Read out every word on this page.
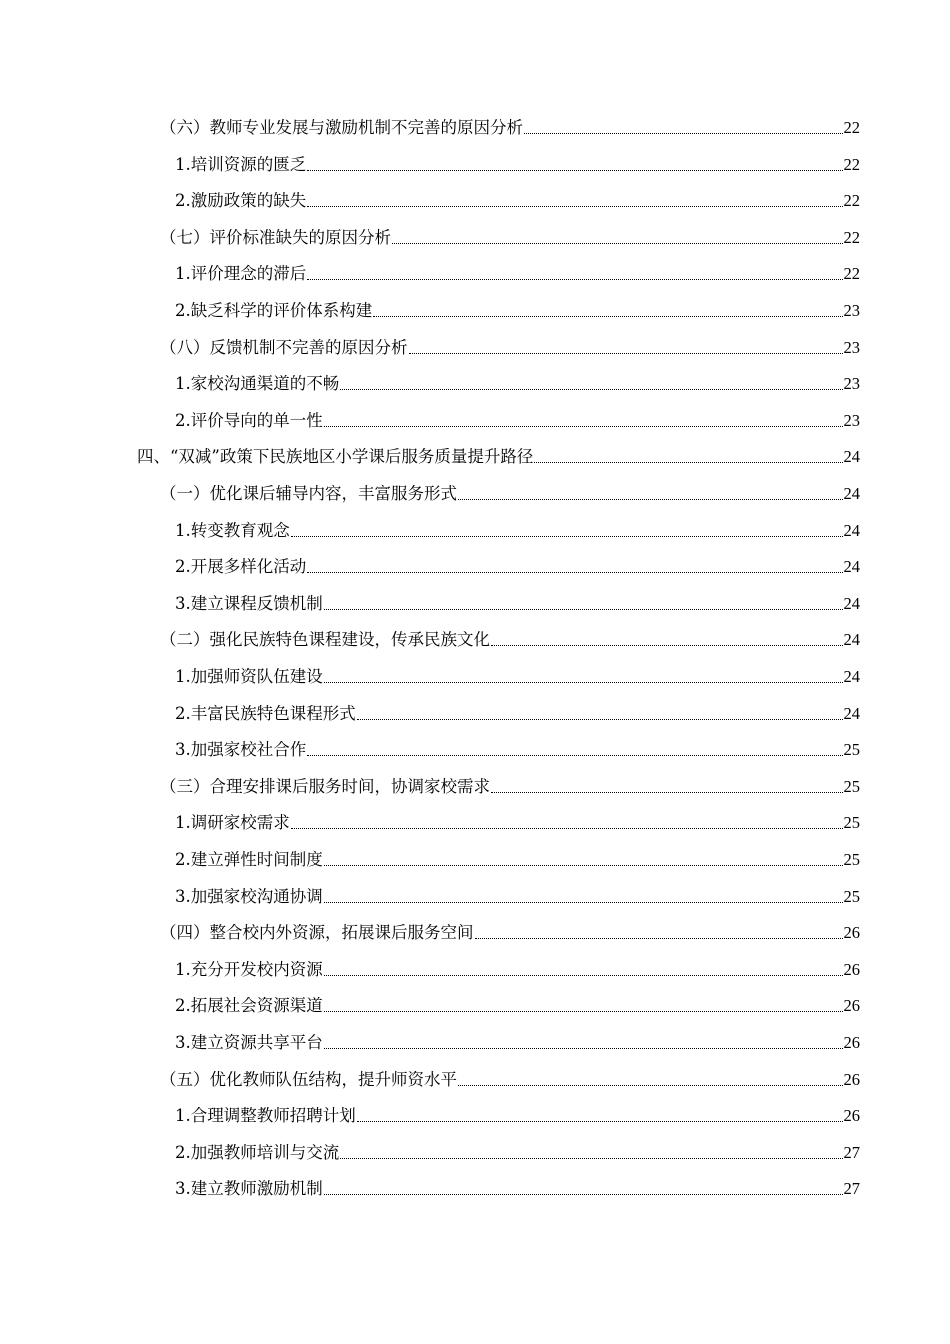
（六）教师专业发展与激励机制不完善的原因分析	22
1.培训资源的匮乏	22
2.激励政策的缺失	22
（七）评价标准缺失的原因分析	22
1.评价理念的滞后	22
2.缺乏科学的评价体系构建	23
（八）反馈机制不完善的原因分析	23
1.家校沟通渠道的不畅	23
2.评价导向的单一性	23
四、“双减”政策下民族地区小学课后服务质量提升路径	24
（一）优化课后辅导内容，丰富服务形式	24
1.转变教育观念	24
2.开展多样化活动	24
3.建立课程反馈机制	24
（二）强化民族特色课程建设，传承民族文化	24
1.加强师资队伍建设	24
2.丰富民族特色课程形式	24
3.加强家校社合作	25
（三）合理安排课后服务时间，协调家校需求	25
1.调研家校需求	25
2.建立弹性时间制度	25
3.加强家校沟通协调	25
（四）整合校内外资源，拓展课后服务空间	26
1.充分开发校内资源	26
2.拓展社会资源渠道	26
3.建立资源共享平台	26
（五）优化教师队伍结构，提升师资水平	26
1.合理调整教师招聘计划	26
2.加强教师培训与交流	27
3.建立教师激励机制	27
